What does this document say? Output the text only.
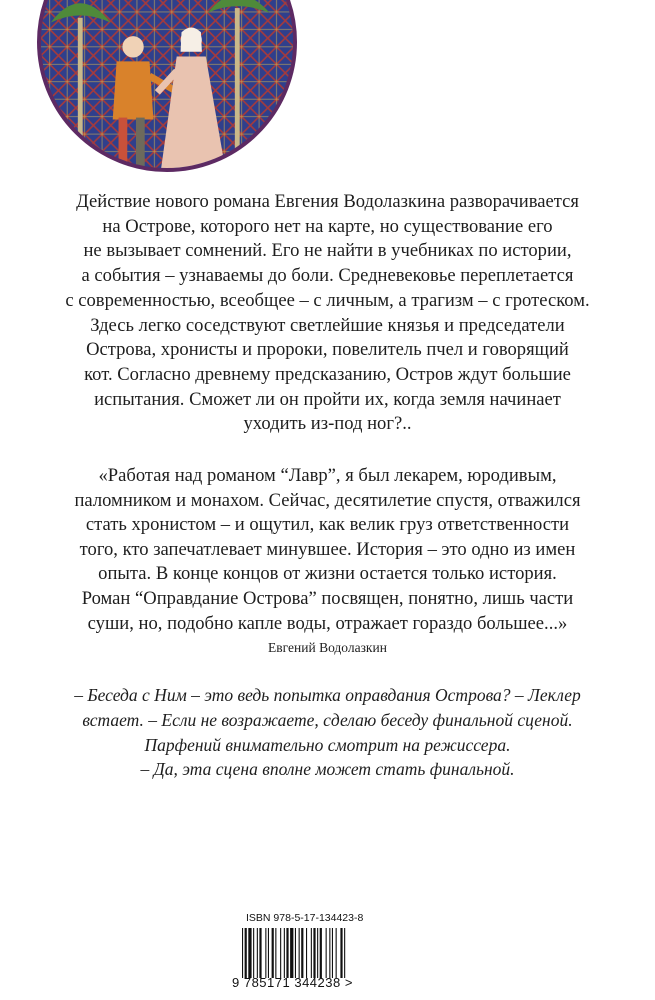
Действие нового романа Евгения Водолазкина разворачивается
на Острове, которого нет на карте, но существование его
не вызывает сомнений. Его не найти в учебниках по истории,
а события – узнаваемы до боли. Средневековье переплетается
с современностью, всеобщее – с личным, а трагизм – с гротеском.
Здесь легко соседствуют светлейшие князья и председатели
Острова, хронисты и пророки, повелитель пчел и говорящий
кот. Согласно древнему предсказанию, Остров ждут большие
испытания. Сможет ли он пройти их, когда земля начинает
уходить из-под ног?..
«Работая над романом “Лавр”, я был лекарем, юродивым,
паломником и монахом. Сейчас, десятилетие спустя, отважился
стать хронистом – и ощутил, как велик груз ответственности
того, кто запечатлевает минувшее. История – это одно из имен
опыта. В конце концов от жизни остается только история.
Роман “Оправдание Острова” посвящен, понятно, лишь части
суши, но, подобно капле воды, отражает гораздо большее...»
Евгений Водолазкин
– Беседа с Ним – это ведь попытка оправдания Острова? – Леклер
встает. – Если не возражаете, сделаю беседу финальной сценой.
Парфений внимательно смотрит на режиссера.
– Да, эта сцена вполне может стать финальной.
ISBN 978-5-17-134423-8
9 785171 344238 >
